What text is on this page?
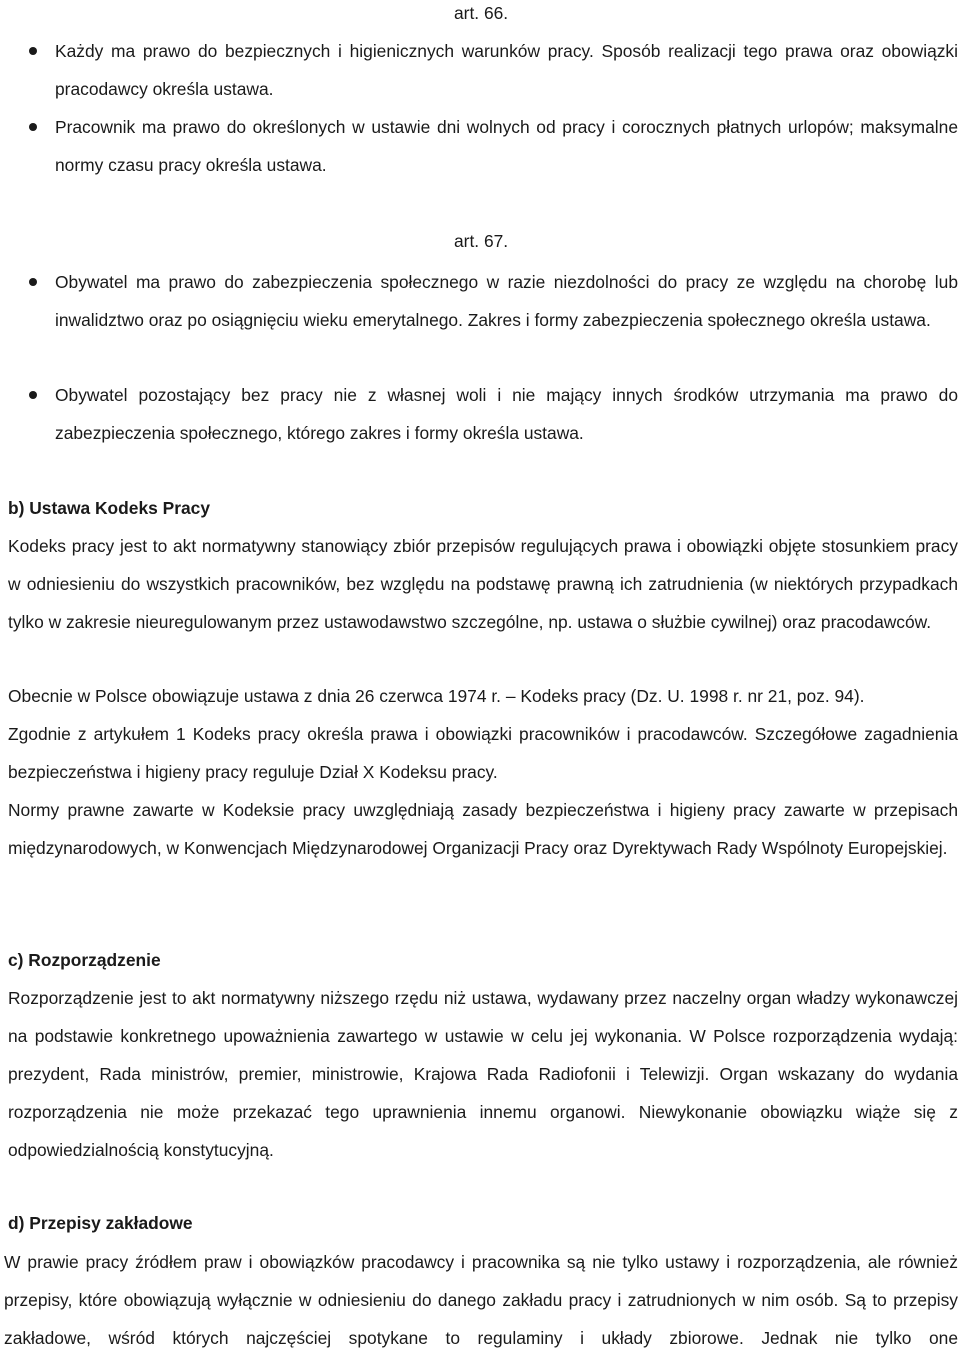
art. 66.
Każdy ma prawo do bezpiecznych i higienicznych warunków pracy. Sposób realizacji tego prawa oraz obowiązki pracodawcy określa ustawa.
Pracownik ma prawo do określonych w ustawie dni wolnych od pracy i corocznych płatnych urlopów; maksymalne normy czasu pracy określa ustawa.
art. 67.
Obywatel ma prawo do zabezpieczenia społecznego w razie niezdolności do pracy ze względu na chorobę lub inwalidztwo oraz po osiągnięciu wieku emerytalnego. Zakres i formy zabezpieczenia społecznego określa ustawa.
Obywatel pozostający bez pracy nie z własnej woli i nie mający innych środków utrzymania ma prawo do zabezpieczenia społecznego, którego zakres i formy określa ustawa.
b) Ustawa Kodeks Pracy
Kodeks pracy jest to akt normatywny stanowiący zbiór przepisów regulujących prawa i obowiązki objęte stosunkiem pracy w odniesieniu do wszystkich pracowników, bez względu na podstawę prawną ich zatrudnienia (w niektórych przypadkach tylko w zakresie nieuregulowanym przez ustawodawstwo szczególne, np. ustawa o służbie cywilnej) oraz pracodawców.
Obecnie w Polsce obowiązuje ustawa z dnia 26 czerwca 1974 r. – Kodeks pracy (Dz. U. 1998 r. nr 21, poz. 94).
Zgodnie z artykułem 1 Kodeks pracy określa prawa i obowiązki pracowników i pracodawców. Szczegółowe zagadnienia bezpieczeństwa i higieny pracy reguluje Dział X Kodeksu pracy.
Normy prawne zawarte w Kodeksie pracy uwzględniają zasady bezpieczeństwa i higieny pracy zawarte w przepisach międzynarodowych, w Konwencjach Międzynarodowej Organizacji Pracy oraz Dyrektywach Rady Wspólnoty Europejskiej.
c) Rozporządzenie
Rozporządzenie jest to akt normatywny niższego rzędu niż ustawa, wydawany przez naczelny organ władzy wykonawczej na podstawie konkretnego upoważnienia zawartego w ustawie w celu jej wykonania. W Polsce rozporządzenia wydają: prezydent, Rada ministrów, premier, ministrowie, Krajowa Rada Radiofonii i Telewizji. Organ wskazany do wydania rozporządzenia nie może przekazać tego uprawnienia innemu organowi. Niewykonanie obowiązku wiąże się z odpowiedzialnością konstytucyjną.
d) Przepisy zakładowe
W prawie pracy źródłem praw i obowiązków pracodawcy i pracownika są nie tylko ustawy i rozporządzenia, ale również przepisy, które obowiązują wyłącznie w odniesieniu do danego zakładu pracy i zatrudnionych w nim osób. Są to przepisy zakładowe, wśród których najczęściej spotykane to regulaminy i układy zbiorowe. Jednak nie tylko one
